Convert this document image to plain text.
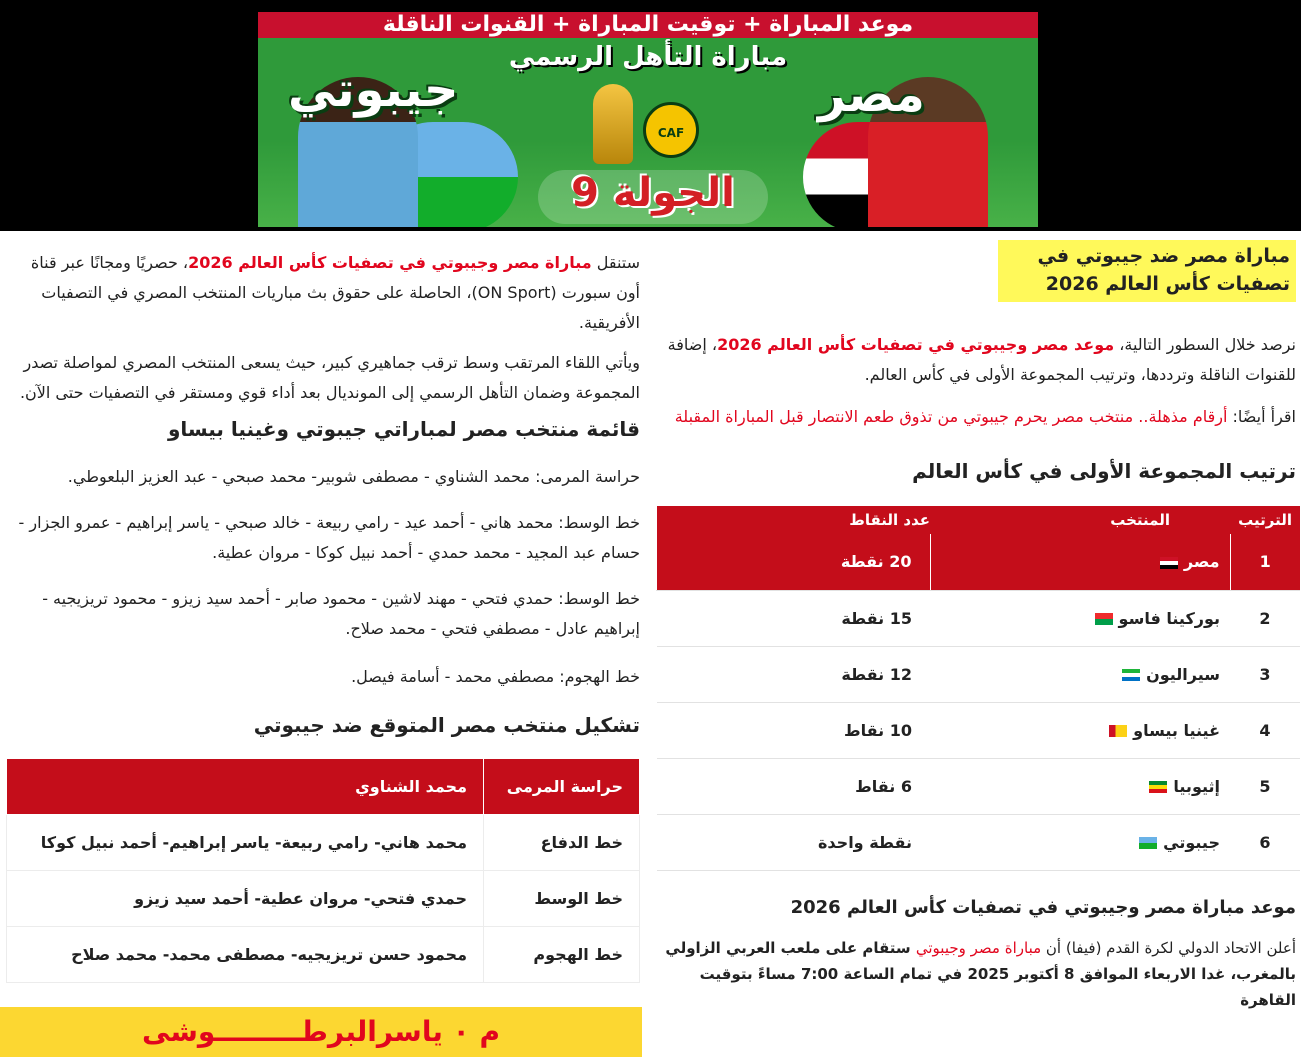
موعد المباراة + توقيت المباراة + القنوات الناقلة
مباراة التأهل الرسمي
جيبوتي	مصر
CAF
الجولة 9
مباراة مصر ضد جيبوتي في تصفيات كأس العالم 2026

نرصد خلال السطور التالية، موعد مصر وجيبوتي في تصفيات كأس العالم 2026، إضافة للقنوات الناقلة وترددها، وترتيب المجموعة الأولى في كأس العالم.

اقرأ أيضًا: أرقام مذهلة.. منتخب مصر يحرم جيبوتي من تذوق طعم الانتصار قبل المباراة المقبلة

ترتيب المجموعة الأولى في كأس العالم
الترتيب	المنتخب	عدد النقاط
1	مصر	20 نقطة
2	بوركينا فاسو	15 نقطة
3	سيراليون	12 نقطة
4	غينيا بيساو	10 نقاط
5	إثيوبيا	6 نقاط
6	جيبوتي	نقطة واحدة
موعد مباراة مصر وجيبوتي في تصفيات كأس العالم 2026

أعلن الاتحاد الدولي لكرة القدم (فيفا) أن مباراة مصر وجيبوتي ستقام على ملعب العربي الزاولي بالمغرب، غدا الاربعاء الموافق 8 أكتوبر 2025 في تمام الساعة 7:00 مساءً بتوقيت القاهرة

ستنقل مباراة مصر وجيبوتي في تصفيات كأس العالم 2026، حصريًا ومجانًا عبر قناة أون سبورت (ON Sport)، الحاصلة على حقوق بث مباريات المنتخب المصري في التصفيات الأفريقية.

ويأتي اللقاء المرتقب وسط ترقب جماهيري كبير، حيث يسعى المنتخب المصري لمواصلة تصدر المجموعة وضمان التأهل الرسمي إلى المونديال بعد أداء قوي ومستقر في التصفيات حتى الآن.

قائمة منتخب مصر لمباراتي جيبوتي وغينيا بيساو

حراسة المرمى: محمد الشناوي - مصطفى شوبير- محمد صبحي - عبد العزيز البلعوطي.

خط الوسط: محمد هاني - أحمد عيد - رامي ربيعة - خالد صبحي - ياسر إبراهيم - عمرو الجزار - حسام عبد المجيد - محمد حمدي - أحمد نبيل كوكا - مروان عطية.

خط الوسط: حمدي فتحي - مهند لاشين - محمود صابر - أحمد سيد زيزو - محمود تريزيجيه - إبراهيم عادل - مصطفي فتحي - محمد صلاح.

خط الهجوم: مصطفي محمد - أسامة فيصل.

تشكيل منتخب مصر المتوقع ضد جيبوتي
حراسة المرمى	محمد الشناوي
خط الدفاع	محمد هاني- رامي ربيعة- ياسر إبراهيم- أحمد نبيل كوكا
خط الوسط	حمدي فتحي- مروان عطية- أحمد سيد زيزو
خط الهجوم	محمود حسن تريزيجيه- مصطفى محمد- محمد صلاح
م ٠ ياسرالبرطـــــــــوشى
